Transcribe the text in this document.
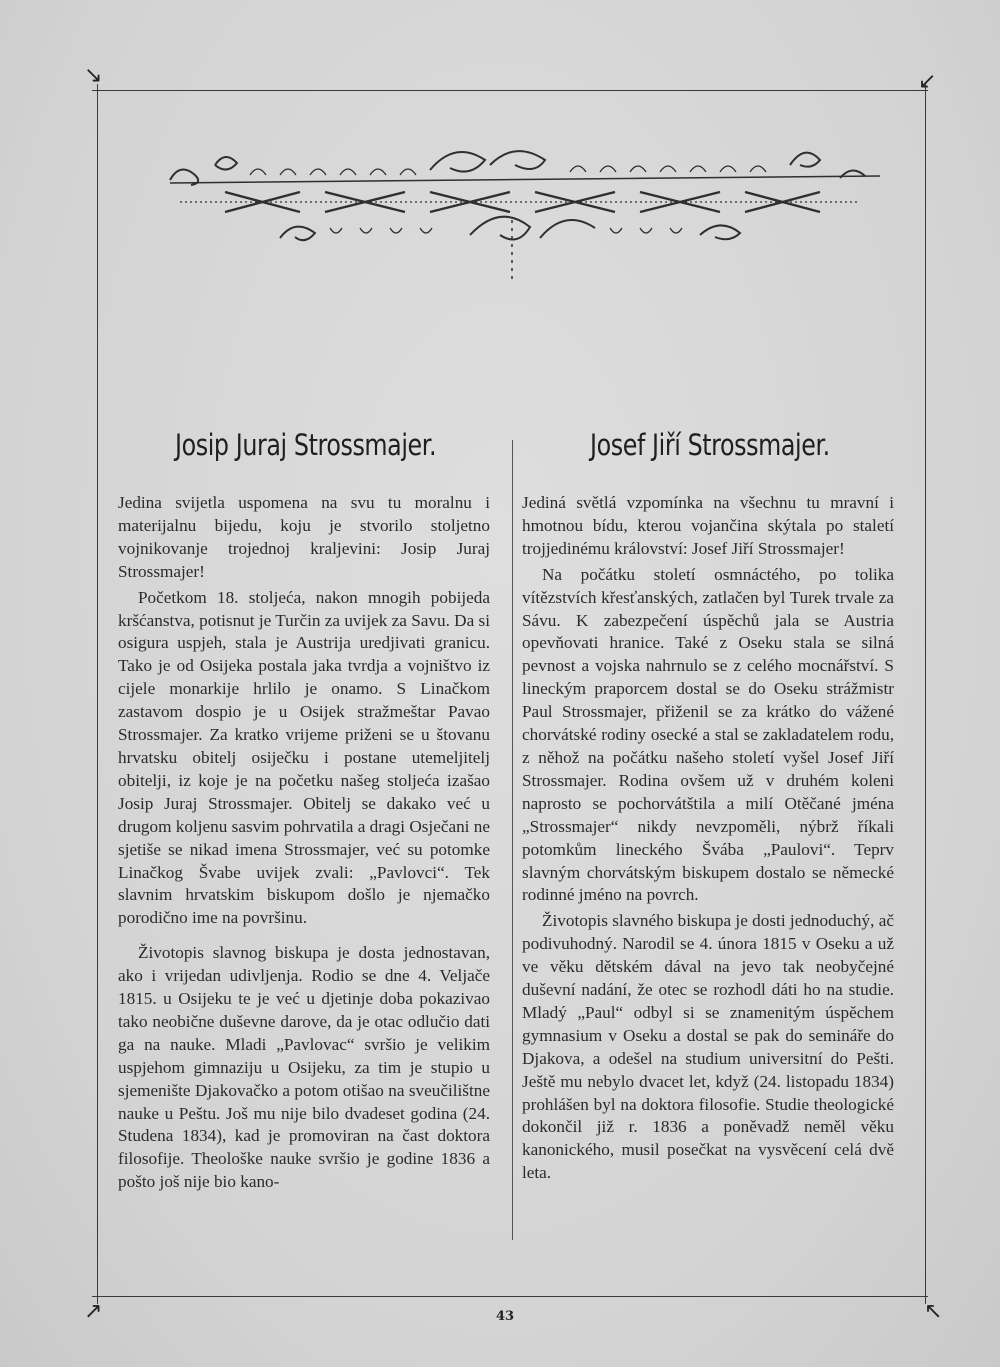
↘	↙
↗	↖
Josip Juraj Strossmajer.	Josef Jiří Strossmajer.

Jedina svijetla uspomena na svu tu moralnu i materijalnu bijedu, koju je stvorilo stoljetno vojnikovanje trojednoj kraljevini: Josip Juraj Strossmajer!

Početkom 18. stoljeća, nakon mnogih pobijeda kršćanstva, potisnut je Turčin za uvijek za Savu. Da si osigura uspjeh, stala je Austrija uredjivati granicu. Tako je od Osijeka postala jaka tvrdja a vojništvo iz cijele monarkije hrlilo je onamo. S Linačkom zastavom dospio je u Osijek stražmeštar Pavao Strossmajer. Za kratko vrijeme priženi se u štovanu hrvatsku obitelj osiječku i postane utemeljitelj obitelji, iz koje je na početku našeg stoljeća izašao Josip Juraj Strossmajer. Obitelj se dakako već u drugom koljenu sasvim pohrvatila a dragi Osječani ne sjetiše se nikad imena Strossmajer, već su potomke Linačkog Švabe uvijek zvali: „Pavlovci“. Tek slavnim hrvatskim biskupom došlo je njemačko porodično ime na površinu.

Životopis slavnog biskupa je dosta jednostavan, ako i vrijedan udivljenja. Rodio se dne 4. Veljače 1815. u Osijeku te je već u djetinje doba pokazivao tako neobične duševne darove, da je otac odlučio dati ga na nauke. Mladi „Pavlovac“ svršio je velikim uspjehom gimnaziju u Osijeku, za tim je stupio u sjemenište Djakovačko a potom otišao na sveučilištne nauke u Peštu. Još mu nije bilo dvadeset godina (24. Studena 1834), kad je promoviran na čast doktora filosofije. Theološke nauke svršio je godine 1836 a pošto još nije bio kano-

Jediná světlá vzpomínka na všechnu tu mravní i hmotnou bídu, kterou vojančina skýtala po staletí trojjedinému království: Josef Jiří Strossmajer!

Na počátku století osmnáctého, po tolika vítězstvích křesťanských, zatlačen byl Turek trvale za Sávu. K zabezpečení úspěchů jala se Austria opevňovati hranice. Také z Oseku stala se silná pevnost a vojska nahrnulo se z celého mocnářství. S lineckým praporcem dostal se do Oseku strážmistr Paul Strossmajer, přiženil se za krátko do vážené chorvátské rodiny osecké a stal se zakladatelem rodu, z něhož na počátku našeho století vyšel Josef Jiří Strossmajer. Rodina ovšem už v druhém koleni naprosto se pochorvátštila a milí Otěčané jména „Strossmajer“ nikdy nevzpoměli, nýbrž říkali potomkům lineckého Švába „Paulovi“. Teprv slavným chorvátským biskupem dostalo se německé rodinné jméno na povrch.

Životopis slavného biskupa je dosti jednoduchý, ač podivuhodný. Narodil se 4. února 1815 v Oseku a už ve věku dětském dával na jevo tak neobyčejné duševní nadání, že otec se rozhodl dáti ho na studie. Mladý „Paul“ odbyl si se znamenitým úspěchem gymnasium v Oseku a dostal se pak do semináře do Djakova, a odešel na studium universitní do Pešti. Ještě mu nebylo dvacet let, když (24. listopadu 1834) prohlášen byl na doktora filosofie. Studie theologické dokončil již r. 1836 a poněvadž neměl věku kanonického, musil posečkat na vysvěcení celá dvě leta.

43
